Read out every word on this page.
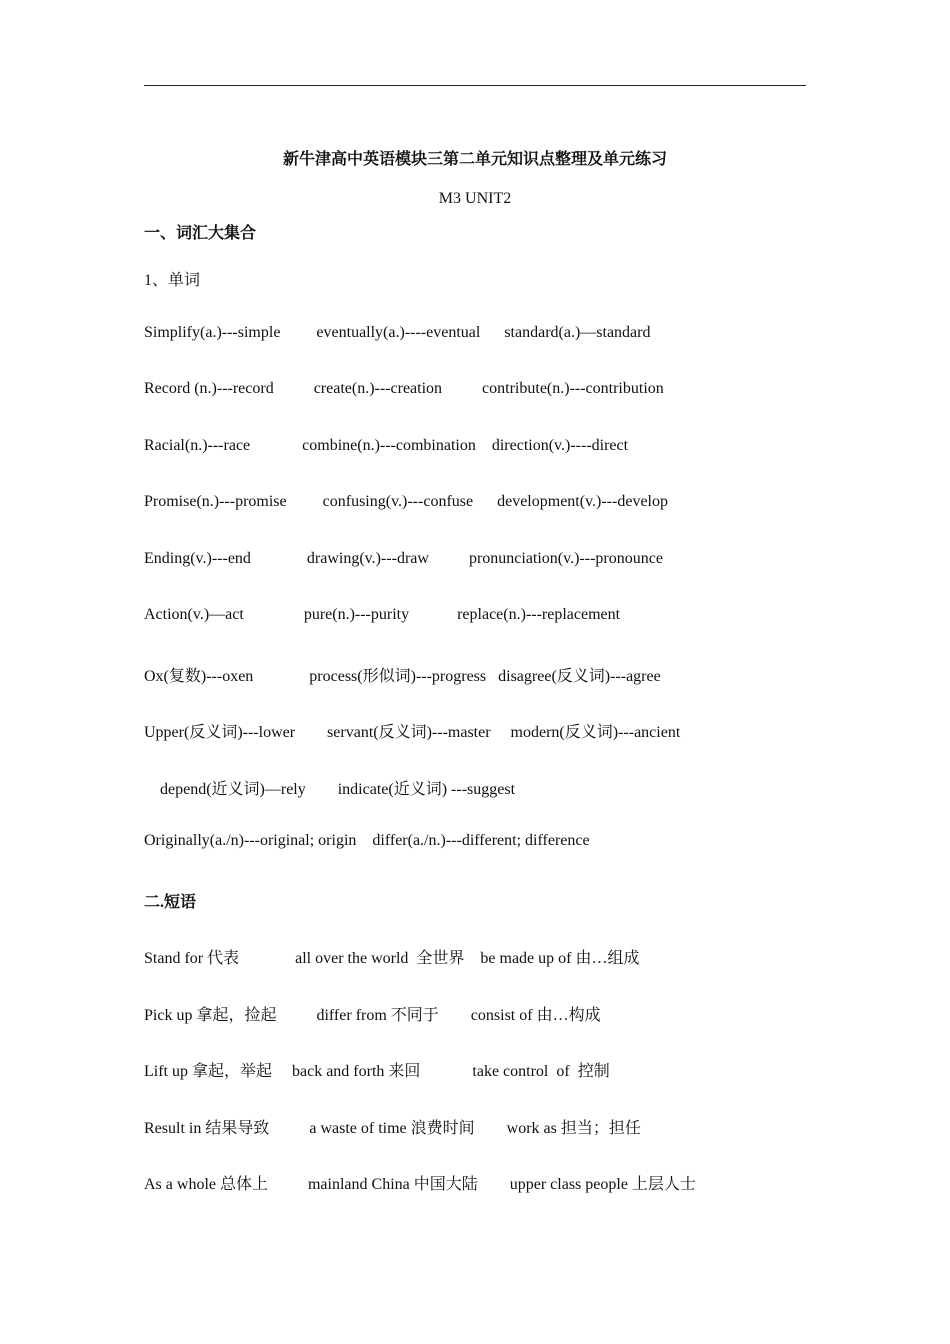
新牛津高中英语模块三第二单元知识点整理及单元练习
M3 UNIT2
一、词汇大集合
1、单词
Simplify(a.)---simple         eventually(a.)----eventual      standard(a.)—standard
Record (n.)---record          create(n.)---creation          contribute(n.)---contribution
Racial(n.)---race             combine(n.)---combination    direction(v.)----direct
Promise(n.)---promise         confusing(v.)---confuse      development(v.)---develop
Ending(v.)---end              drawing(v.)---draw          pronunciation(v.)---pronounce
Action(v.)—act               pure(n.)---purity            replace(n.)---replacement
Ox(复数)---oxen              process(形似词)---progress   disagree(反义词)---agree
Upper(反义词)---lower        servant(反义词)---master     modern(反义词)---ancient
depend(近义词)—rely        indicate(近义词) ---suggest
Originally(a./n)---original; origin    differ(a./n.)---different; difference
二.短语
Stand for 代表              all over the world  全世界    be made up of 由…组成
Pick up 拿起，捡起          differ from 不同于        consist of 由…构成
Lift up 拿起，举起     back and forth 来回             take control  of  控制
Result in 结果导致          a waste of time 浪费时间        work as 担当；担任
As a whole 总体上          mainland China 中国大陆        upper class people 上层人士
